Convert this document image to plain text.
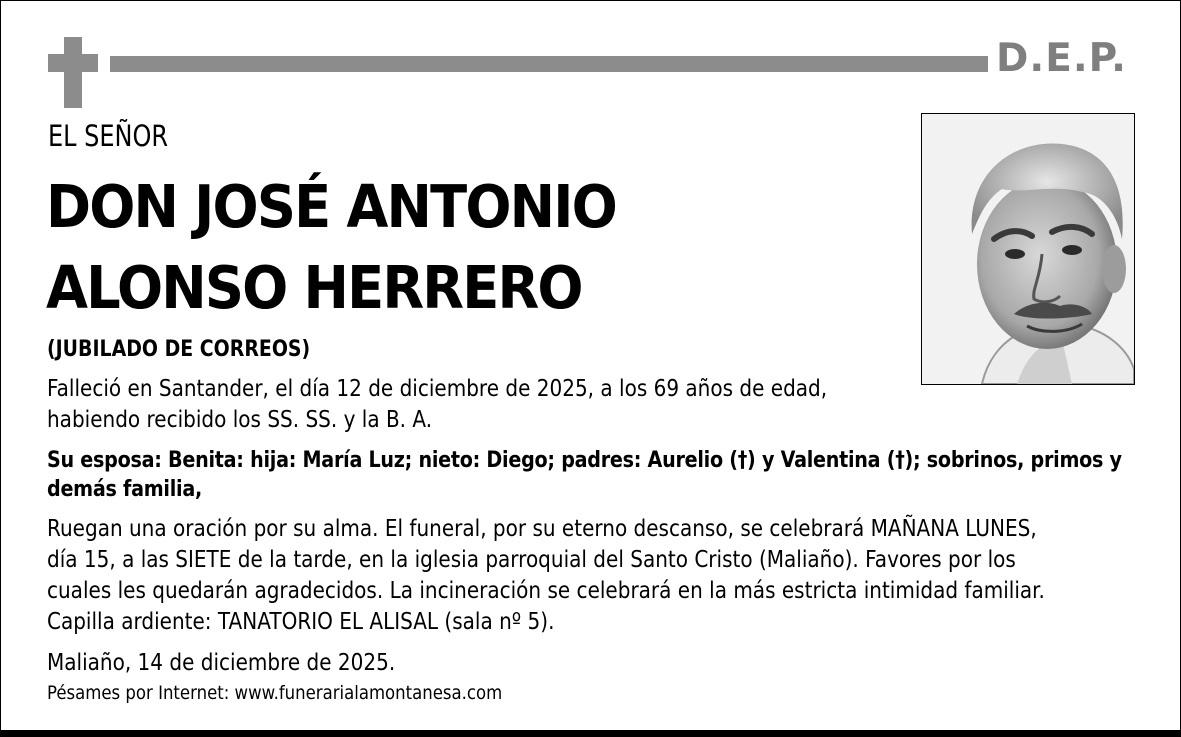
D.E.P.
EL SEÑOR
DON JOSÉ ANTONIO
ALONSO HERRERO
(JUBILADO DE CORREOS)
Falleció en Santander, el día 12 de diciembre de 2025, a los 69 años de edad,
habiendo recibido los SS. SS. y la B. A.
Su esposa: Benita: hija: María Luz; nieto: Diego; padres: Aurelio (†) y Valentina (†); sobrinos, primos y
demás familia,
Ruegan una oración por su alma. El funeral, por su eterno descanso, se celebrará MAÑANA LUNES,
día 15, a las SIETE de la tarde, en la iglesia parroquial del Santo Cristo (Maliaño). Favores por los
cuales les quedarán agradecidos. La incineración se celebrará en la más estricta intimidad familiar.
Capilla ardiente: TANATORIO EL ALISAL (sala nº 5).
Maliaño, 14 de diciembre de 2025.
Pésames por Internet: www.funerarialamontanesa.com
